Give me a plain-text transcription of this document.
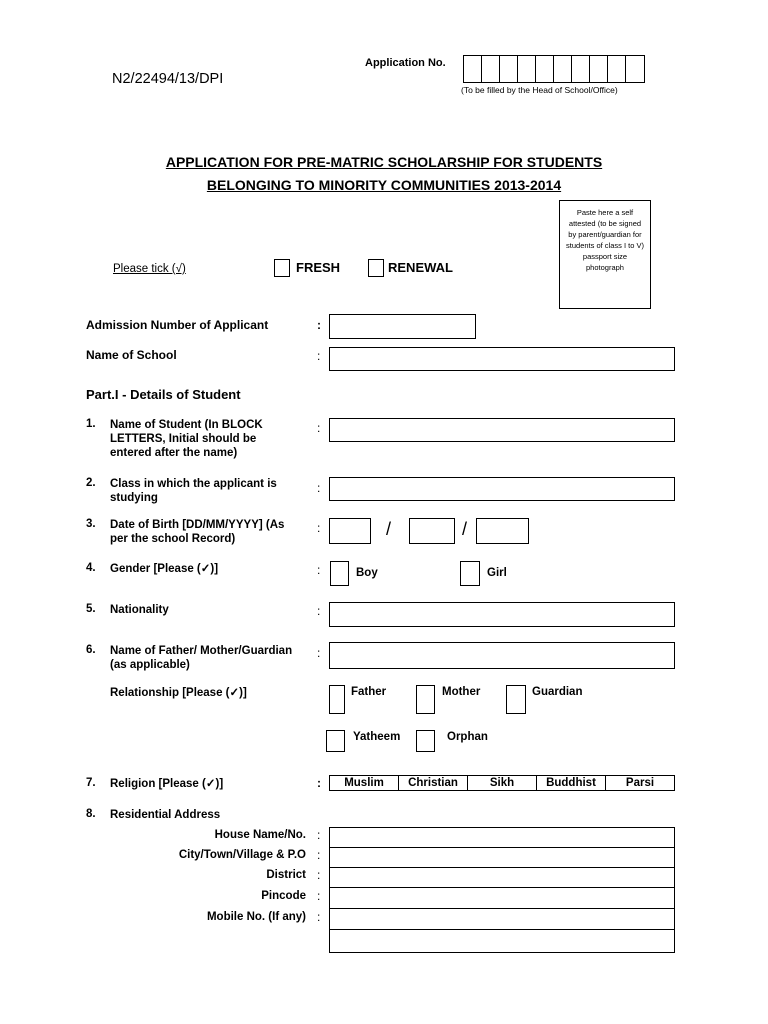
N2/22494/13/DPI
Application No.
(To be filled by the Head of School/Office)
APPLICATION FOR PRE-MATRIC SCHOLARSHIP FOR STUDENTS
BELONGING TO MINORITY COMMUNITIES 2013-2014
Paste here a self attested (to be signed by parent/guardian for students of class I to V) passport size photograph
Please tick (√)	FRESH	RENEWAL
Admission Number of Applicant	:
Name of School	:
Part.I - Details of Student
1. Name of Student (In BLOCK LETTERS, Initial should be entered after the name)
:
2. Class in which the applicant is studying
:
3. Date of Birth [DD/MM/YYYY] (As per the school Record)
:	/	/
4. Gender [Please (✓)]	:	Boy	Girl
5. Nationality	:
6. Name of Father/ Mother/Guardian (as applicable)
:
Relationship [Please (✓)]	Father	Mother	Guardian
Yatheem	Orphan
7. Religion [Please (✓)]	:	Muslim	Christian	Sikh	Buddhist	Parsi
8. Residential Address
House Name/No. :
City/Town/Village & P.O :
District :
Pincode :
Mobile No. (If any) :
